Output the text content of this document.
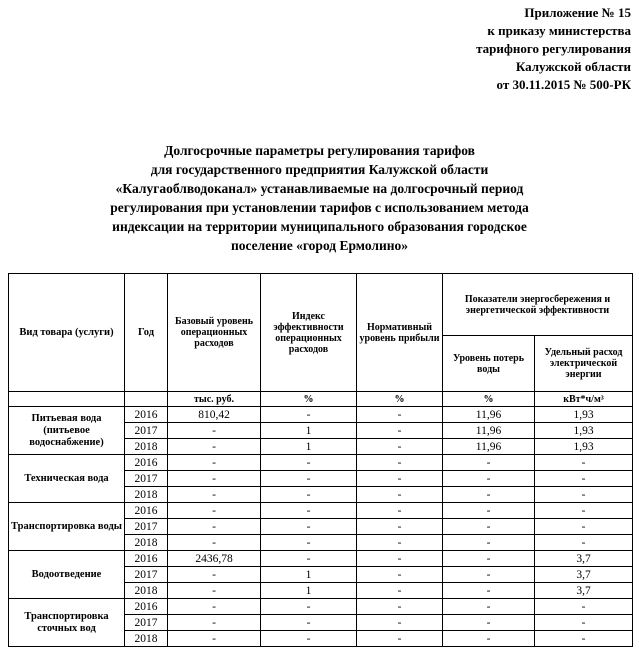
Приложение № 15
к приказу министерства
тарифного регулирования
Калужской области
от 30.11.2015 № 500-РК
Долгосрочные параметры регулирования тарифов
для государственного предприятия Калужской области
«Калугаоблводоканал» устанавливаемые на долгосрочный период
регулирования при установлении тарифов с использованием метода
индексации на территории муниципального образования городское
поселение «город Ермолино»
Вид товара (услуги)	Год	Базовый уровень операционных расходов	Индекс эффективности операционных расходов	Нормативный уровень прибыли	Показатели энергосбережения и энергетической эффективности	
					Уровень потерь воды	Удельный расход электрической энергии
		тыс. руб.	%	%	%	кВт*ч/м³
Питьевая вода (питьевое водоснабжение)	2016	810,42	-	-	11,96	1,93
	2017	-	1	-	11,96	1,93
	2018	-	1	-	11,96	1,93
Техническая вода	2016	-	-	-	-	-
	2017	-	-	-	-	-
	2018	-	-	-	-	-
Транспортировка воды	2016	-	-	-	-	-
	2017	-	-	-	-	-
	2018	-	-	-	-	-
Водоотведение	2016	2436,78	-	-	-	3,7
	2017	-	1	-	-	3,7
	2018	-	1	-	-	3,7
Транспортировка сточных вод	2016	-	-	-	-	-
	2017	-	-	-	-	-
	2018	-	-	-	-	-
